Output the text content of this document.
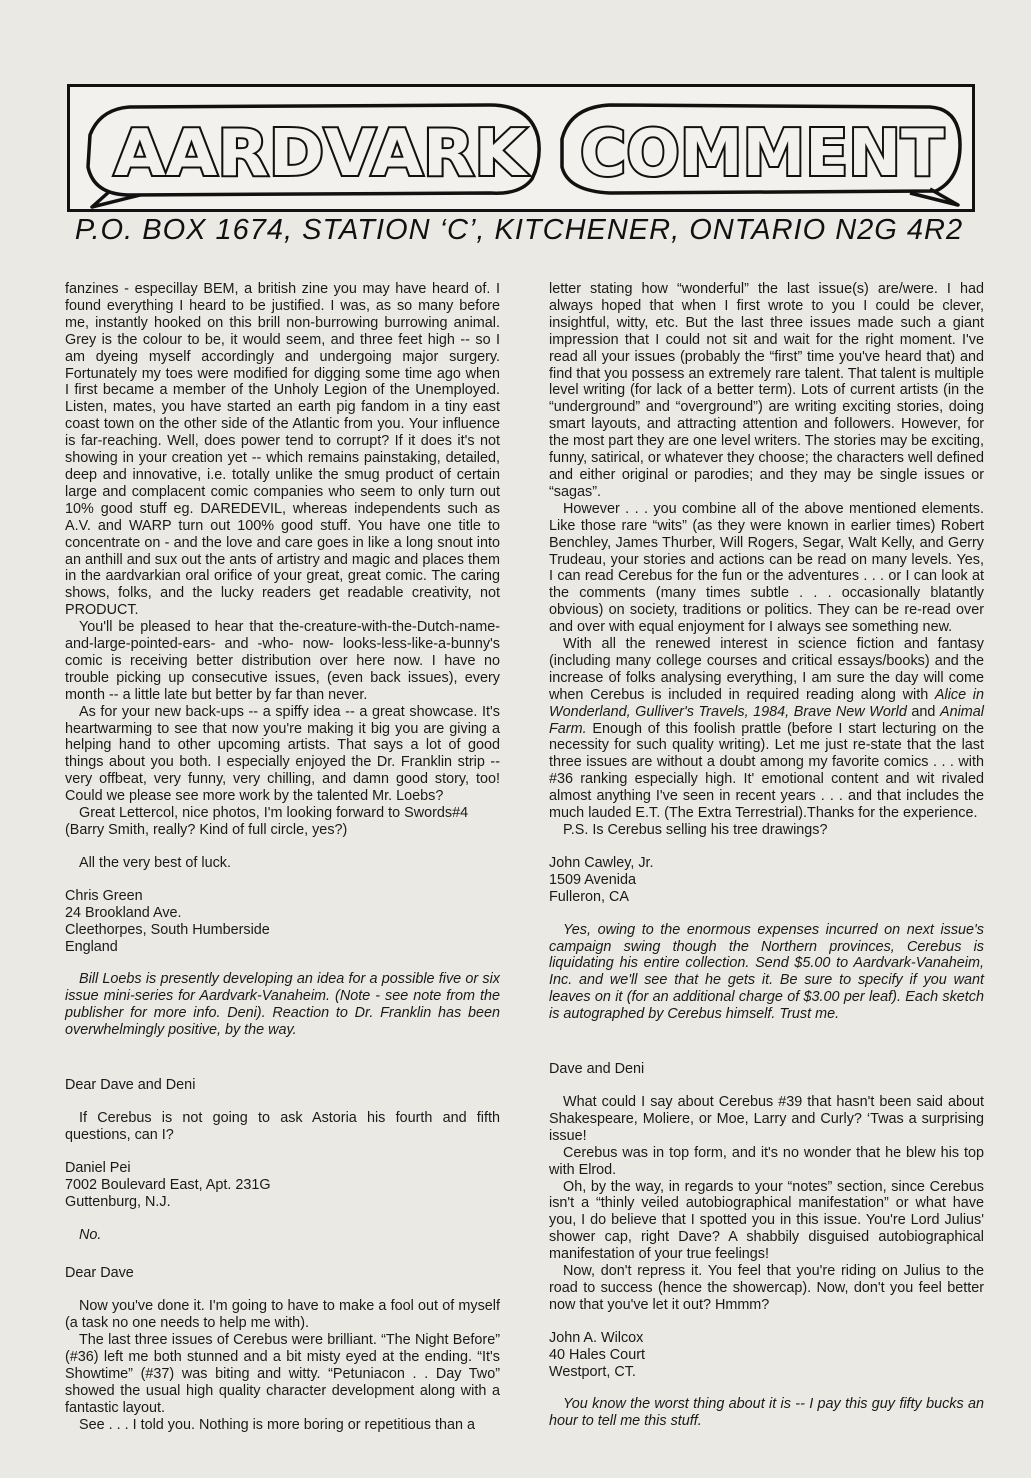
AARDVARK COMMENT
P.O. BOX 1674, STATION ‘C’, KITCHENER, ONTARIO N2G 4R2

fanzines - especillay BEM, a british zine you may have heard of. I found everything I heard to be justified. I was, as so many before me, instantly hooked on this brill non-burrowing burrowing animal. Grey is the colour to be, it would seem, and three feet high -- so I am dyeing myself accordingly and undergoing major surgery. Fortunately my toes were modified for digging some time ago when I first became a member of the Unholy Legion of the Unemployed. Listen, mates, you have started an earth pig fandom in a tiny east coast town on the other side of the Atlantic from you. Your influence is far-reaching. Well, does power tend to corrupt? If it does it's not showing in your creation yet -- which remains painstaking, detailed, deep and innovative, i.e. totally unlike the smug product of certain large and complacent comic companies who seem to only turn out 10% good stuff eg. DAREDEVIL, whereas independents such as A.V. and WARP turn out 100% good stuff. You have one title to concentrate on - and the love and care goes in like a long snout into an anthill and sux out the ants of artistry and magic and places them in the aardvarkian oral orifice of your great, great comic. The caring shows, folks, and the lucky readers get readable creativity, not PRODUCT.

You'll be pleased to hear that the-creature-with-the-Dutch-name-and-large-pointed-ears- and -who- now- looks-less-like-a-bunny's comic is receiving better distribution over here now. I have no trouble picking up consecutive issues, (even back issues), every month -- a little late but better by far than never.

As for your new back-ups -- a spiffy idea -- a great showcase. It's heartwarming to see that now you're making it big you are giving a helping hand to other upcoming artists. That says a lot of good things about you both. I especially enjoyed the Dr. Franklin strip -- very offbeat, very funny, very chilling, and damn good story, too! Could we please see more work by the talented Mr. Loebs?

Great Lettercol, nice photos, I'm looking forward to Swords#4 (Barry Smith, really? Kind of full circle, yes?)

All the very best of luck.

Chris Green

24 Brookland Ave.

Cleethorpes, South Humberside

England

Bill Loebs is presently developing an idea for a possible five or six issue mini-series for Aardvark-Vanaheim. (Note - see note from the publisher for more info. Deni). Reaction to Dr. Franklin has been overwhelmingly positive, by the way.

Dear Dave and Deni

If Cerebus is not going to ask Astoria his fourth and fifth questions, can I?

Daniel Pei

7002 Boulevard East, Apt. 231G

Guttenburg, N.J.

No.

Dear Dave

Now you've done it. I'm going to have to make a fool out of myself (a task no one needs to help me with).

The last three issues of Cerebus were brilliant. “The Night Before” (#36) left me both stunned and a bit misty eyed at the ending. “It's Showtime” (#37) was biting and witty. “Petuniacon . . Day Two” showed the usual high quality character development along with a fantastic layout.

See . . . I told you. Nothing is more boring or repetitious than a

letter stating how “wonderful” the last issue(s) are/were. I had always hoped that when I first wrote to you I could be clever, insightful, witty, etc. But the last three issues made such a giant impression that I could not sit and wait for the right moment. I've read all your issues (probably the “first” time you've heard that) and find that you possess an extremely rare talent. That talent is multiple level writing (for lack of a better term). Lots of current artists (in the “underground” and “overground”) are writing exciting stories, doing smart layouts, and attracting attention and followers. However, for the most part they are one level writers. The stories may be exciting, funny, satirical, or whatever they choose; the characters well defined and either original or parodies; and they may be single issues or “sagas”.

However . . . you combine all of the above mentioned elements. Like those rare “wits” (as they were known in earlier times) Robert Benchley, James Thurber, Will Rogers, Segar, Walt Kelly, and Gerry Trudeau, your stories and actions can be read on many levels. Yes, I can read Cerebus for the fun or the adventures . . . or I can look at the comments (many times subtle . . . occasionally blatantly obvious) on society, traditions or politics. They can be re-read over and over with equal enjoyment for I always see something new.

With all the renewed interest in science fiction and fantasy (including many college courses and critical essays/books) and the increase of folks analysing everything, I am sure the day will come when Cerebus is included in required reading along with Alice in Wonderland, Gulliver's Travels, 1984, Brave New World and Animal Farm. Enough of this foolish prattle (before I start lecturing on the necessity for such quality writing). Let me just re-state that the last three issues are without a doubt among my favorite comics . . . with #36 ranking especially high. It' emotional content and wit rivaled almost anything I've seen in recent years . . . and that includes the much lauded E.T. (The Extra Terrestrial).Thanks for the experience.

P.S. Is Cerebus selling his tree drawings?

John Cawley, Jr.

1509 Avenida

Fulleron, CA

Yes, owing to the enormous expenses incurred on next issue's campaign swing though the Northern provinces, Cerebus is liquidating his entire collection. Send $5.00 to Aardvark-Vanaheim, Inc. and we'll see that he gets it. Be sure to specify if you want leaves on it (for an additional charge of $3.00 per leaf). Each sketch is autographed by Cerebus himself. Trust me.

Dave and Deni

What could I say about Cerebus #39 that hasn't been said about Shakespeare, Moliere, or Moe, Larry and Curly? ‘Twas a surprising issue!

Cerebus was in top form, and it's no wonder that he blew his top with Elrod.

Oh, by the way, in regards to your “notes” section, since Cerebus isn't a “thinly veiled autobiographical manifestation” or what have you, I do believe that I spotted you in this issue. You're Lord Julius' shower cap, right Dave? A shabbily disguised autobiographical manifestation of your true feelings!

Now, don't repress it. You feel that you're riding on Julius to the road to success (hence the showercap). Now, don't you feel better now that you've let it out? Hmmm?

John A. Wilcox

40 Hales Court

Westport, CT.

You know the worst thing about it is -- I pay this guy fifty bucks an hour to tell me this stuff.
